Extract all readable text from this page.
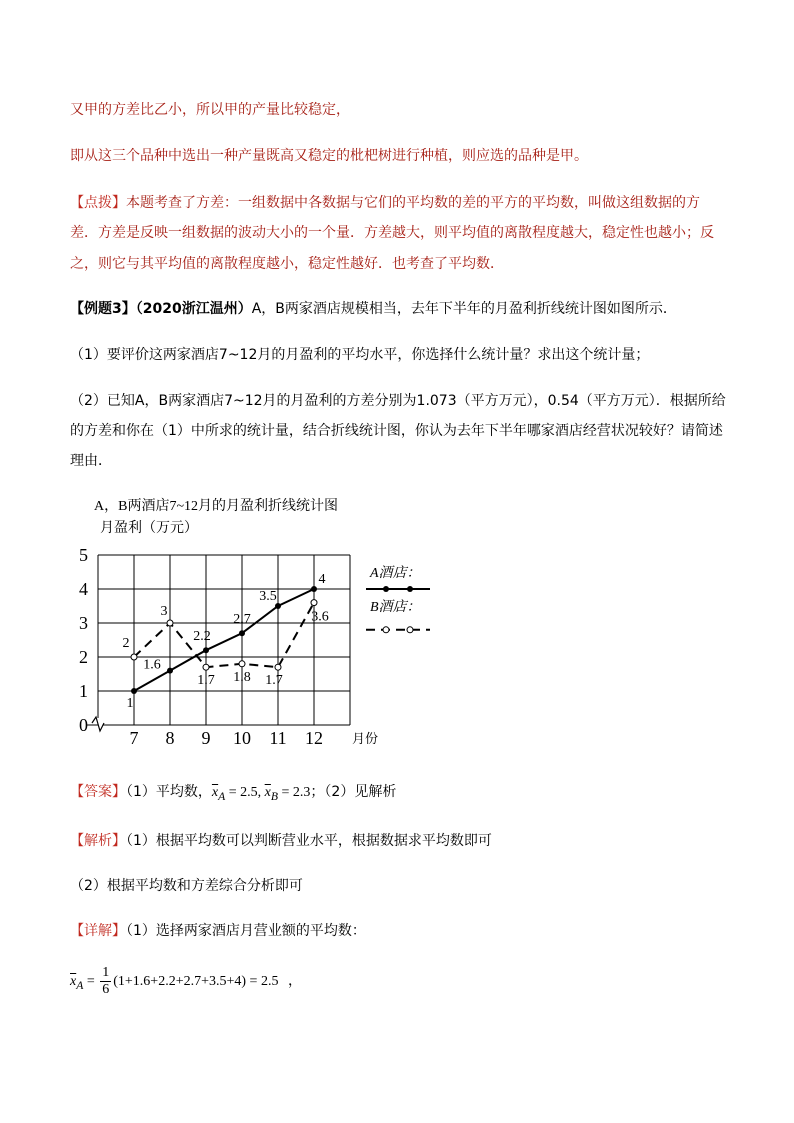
又甲的方差比乙小，所以甲的产量比较稳定，
即从这三个品种中选出一种产量既高又稳定的枇杷树进行种植，则应选的品种是甲。
【点拨】本题考查了方差：一组数据中各数据与它们的平均数的差的平方的平均数，叫做这组数据的方
差．方差是反映一组数据的波动大小的一个量．方差越大，则平均值的离散程度越大，稳定性也越小；反
之，则它与其平均值的离散程度越小，稳定性越好．也考查了平均数．
【例题3】（2020浙江温州）A，B两家酒店规模相当，去年下半年的月盈利折线统计图如图所示．
（1）要评价这两家酒店7~12月的月盈利的平均水平，你选择什么统计量？求出这个统计量；
（2）已知A，B两家酒店7~12月的月盈利的方差分别为1.073（平方万元），0.54（平方万元）．根据所给
的方差和你在（1）中所求的统计量，结合折线统计图，你认为去年下半年哪家酒店经营状况较好？请简述
理由．
A，B两酒店7~12月的月盈利折线统计图
月盈利（万元）
0
1
2
3
4
5
7 8 9 10 11 12 月份
1
1.6
2.2
2.7
3.5
4
2
3
1.7 1.8 1.7
3.6
A酒店：
B酒店：
【答案】（1）平均数，$\overline{x}_A = 2.5$, $\overline{x}_B = 2.3$；（2）见解析
【解析】（1）根据平均数可以判断营业水平，根据数据求平均数即可
（2）根据平均数和方差综合分析即可
【详解】（1）选择两家酒店月营业额的平均数：
$\overline{x}_A = \frac{1}{6} (1+1.6+2.2+2.7+3.5+4) = 2.5$ ，
